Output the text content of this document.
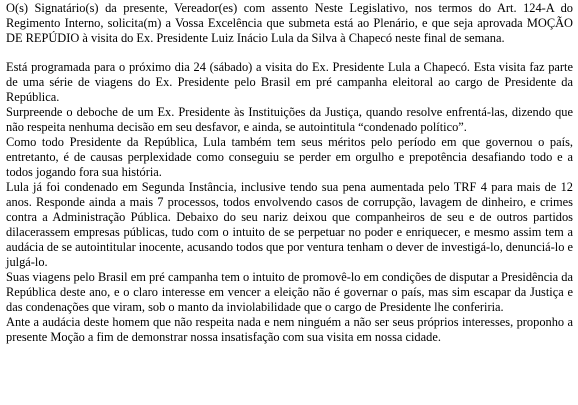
O(s) Signatário(s) da presente, Vereador(es) com assento Neste Legislativo, nos termos do Art. 124-A do Regimento Interno, solicita(m) a Vossa Excelência que submeta está ao Plenário, e que seja aprovada MOÇÃO DE REPÚDIO à visita do Ex. Presidente Luiz Inácio Lula da Silva à Chapecó neste final de semana.

Está programada para o próximo dia 24 (sábado) a visita do Ex. Presidente Lula a Chapecó. Esta visita faz parte de uma série de viagens do Ex. Presidente pelo Brasil em pré campanha eleitoral ao cargo de Presidente da República.

Surpreende o deboche de um Ex. Presidente às Instituições da Justiça, quando resolve enfrentá-las, dizendo que não respeita nenhuma decisão em seu desfavor, e ainda, se autointitula “condenado político”.

Como todo Presidente da República, Lula também tem seus méritos pelo período em que governou o país, entretanto, é de causas perplexidade como conseguiu se perder em orgulho e prepotência desafiando todo e a todos jogando fora sua história.

Lula já foi condenado em Segunda Instância, inclusive tendo sua pena aumentada pelo TRF 4 para mais de 12 anos. Responde ainda a mais 7 processos, todos envolvendo casos de corrupção, lavagem de dinheiro, e crimes contra a Administração Pública. Debaixo do seu nariz deixou que companheiros de seu e de outros partidos dilacerassem empresas públicas, tudo com o intuito de se perpetuar no poder e enriquecer, e mesmo assim tem a audácia de se autointitular inocente, acusando todos que por ventura tenham o dever de investigá-lo, denunciá-lo e julgá-lo.

Suas viagens pelo Brasil em pré campanha tem o intuito de promovê-lo em condições de disputar a Presidência da República deste ano, e o claro interesse em vencer a eleição não é governar o país, mas sim escapar da Justiça e das condenações que viram, sob o manto da inviolabilidade que o cargo de Presidente lhe conferiria.

Ante a audácia deste homem que não respeita nada e nem ninguém a não ser seus próprios interesses, proponho a presente Moção a fim de demonstrar nossa insatisfação com sua visita em nossa cidade.
